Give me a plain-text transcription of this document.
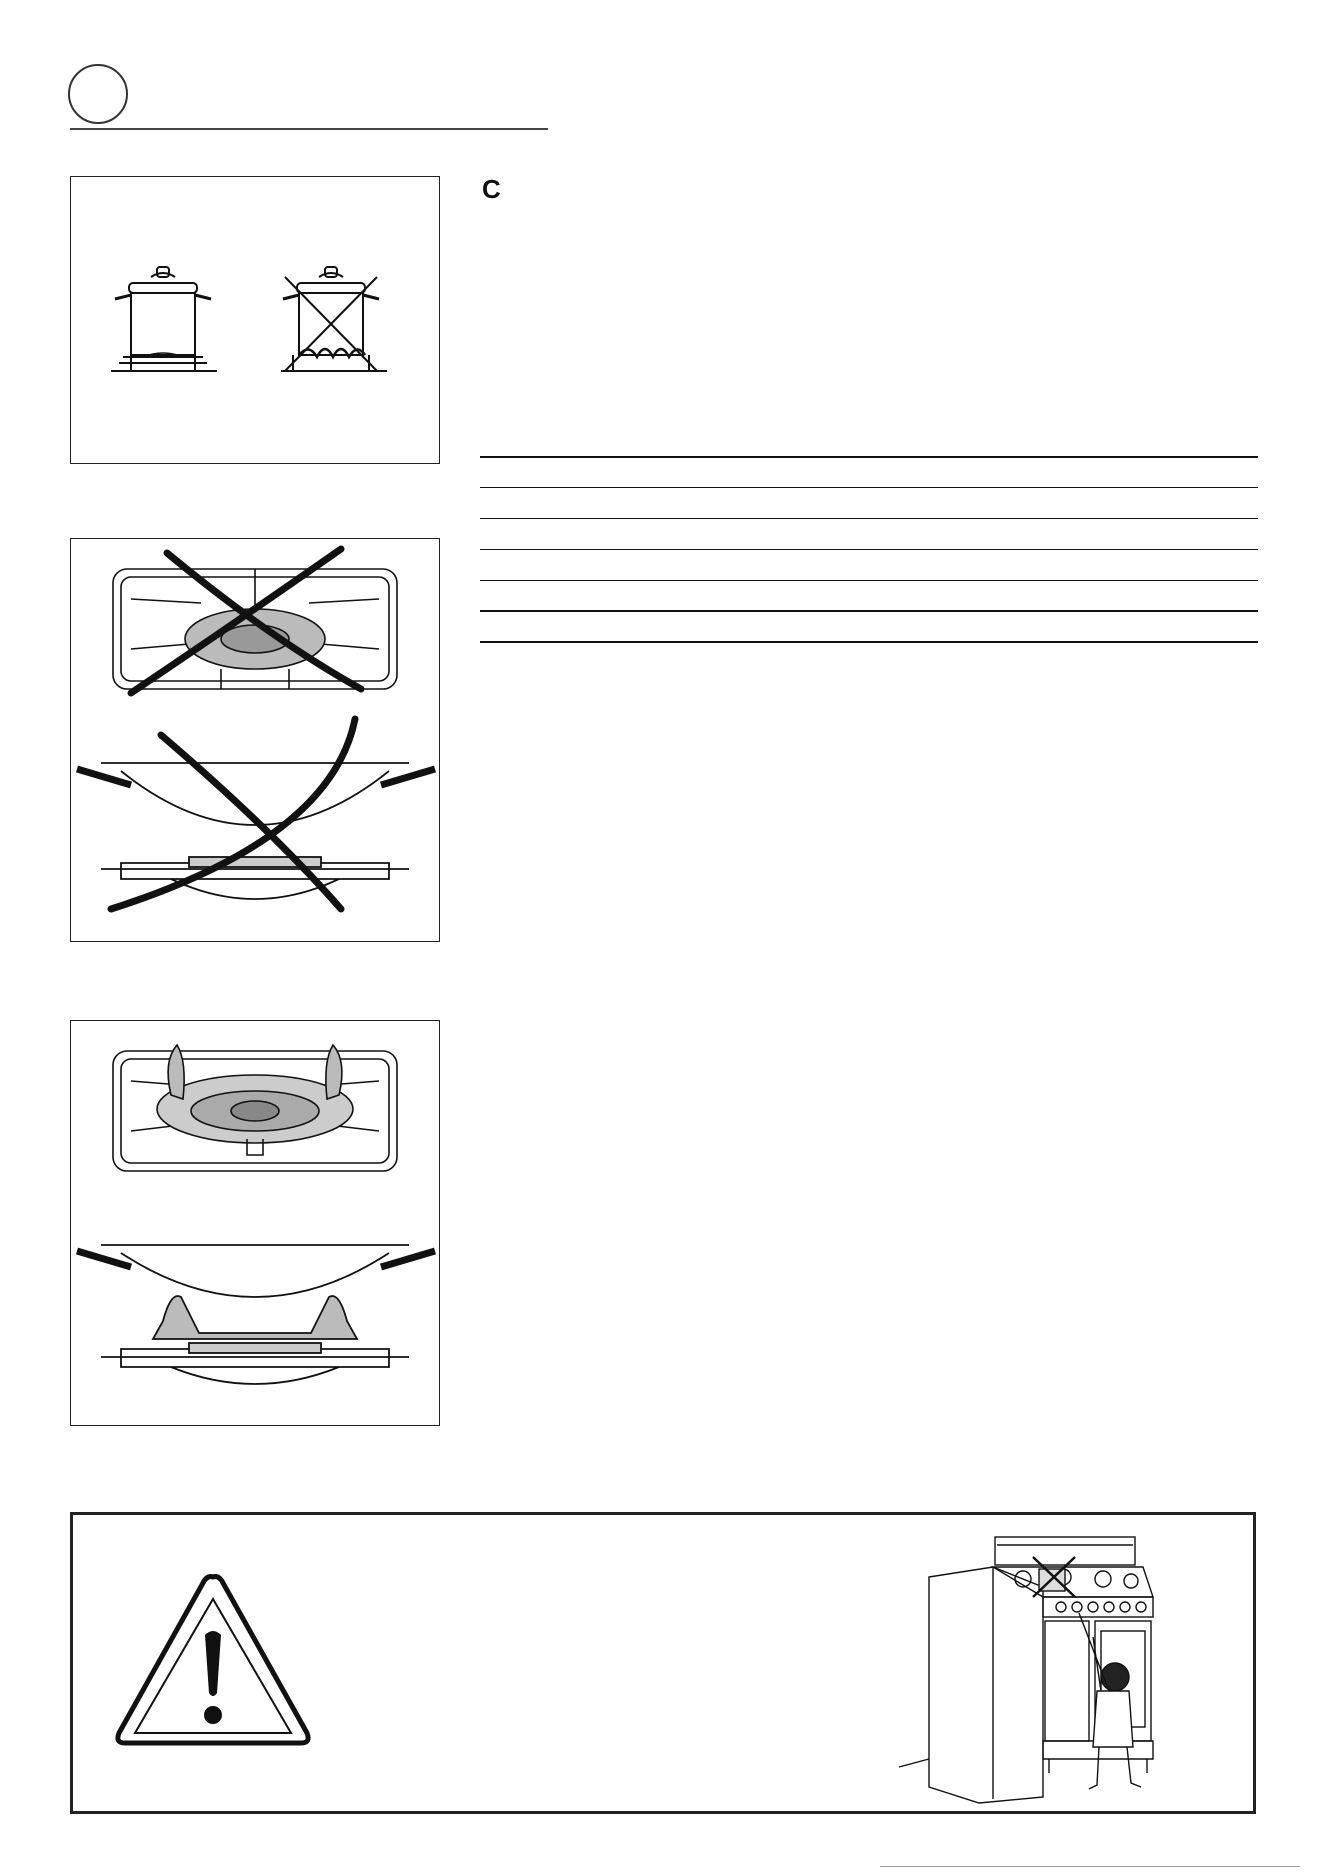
C
